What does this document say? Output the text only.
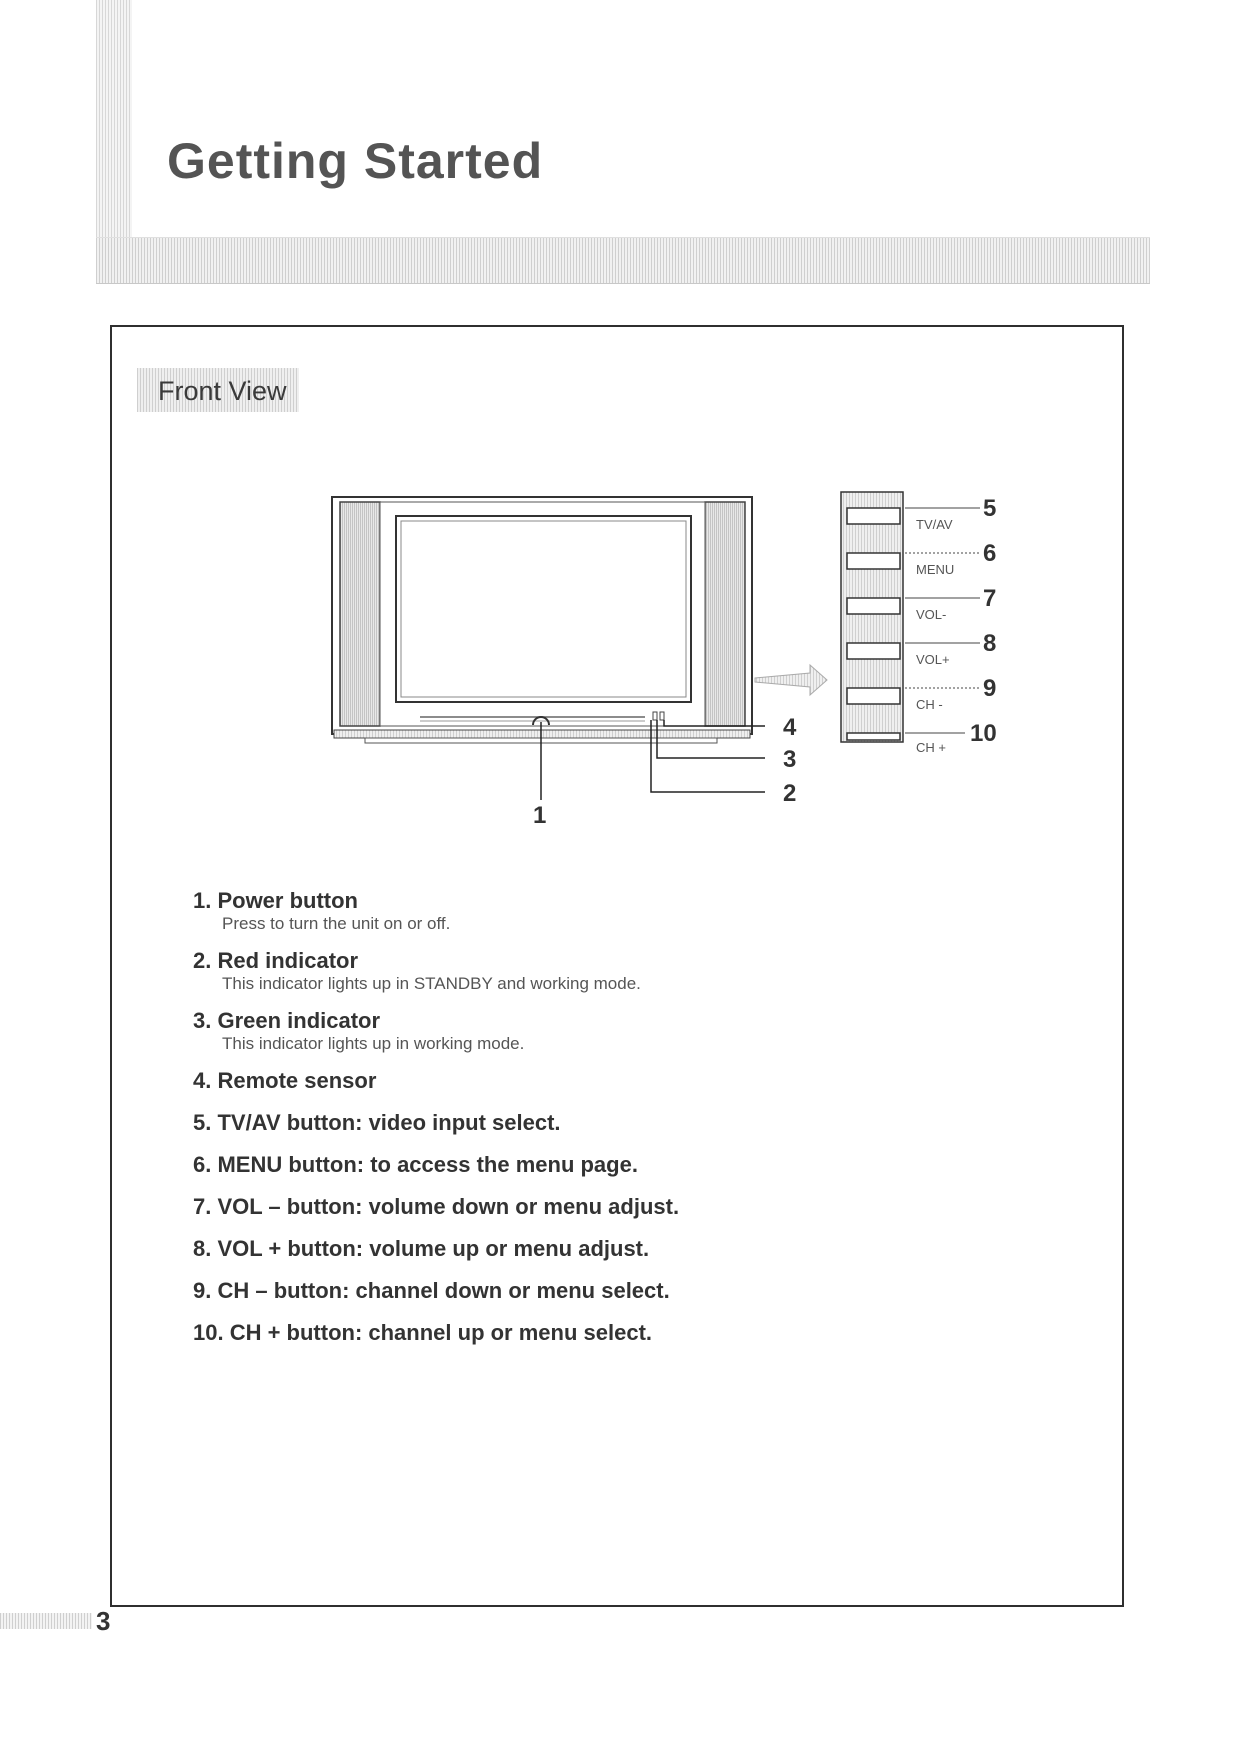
Getting Started
Front View
TV/AV
MENU
VOL-
VOL+
CH -
CH +
1
2
3
4
5
6
7
8
9
10
1. Power button
Press to turn the unit on or off.
2. Red indicator
This indicator lights up in STANDBY and working mode.
3. Green indicator
This indicator lights up in working mode.
4. Remote sensor
5. TV/AV button: video input select.
6. MENU button: to access the menu page.
7. VOL – button: volume down or menu adjust.
8. VOL + button: volume up or menu adjust.
9. CH – button: channel down or menu select.
10. CH + button: channel up or menu select.
3
